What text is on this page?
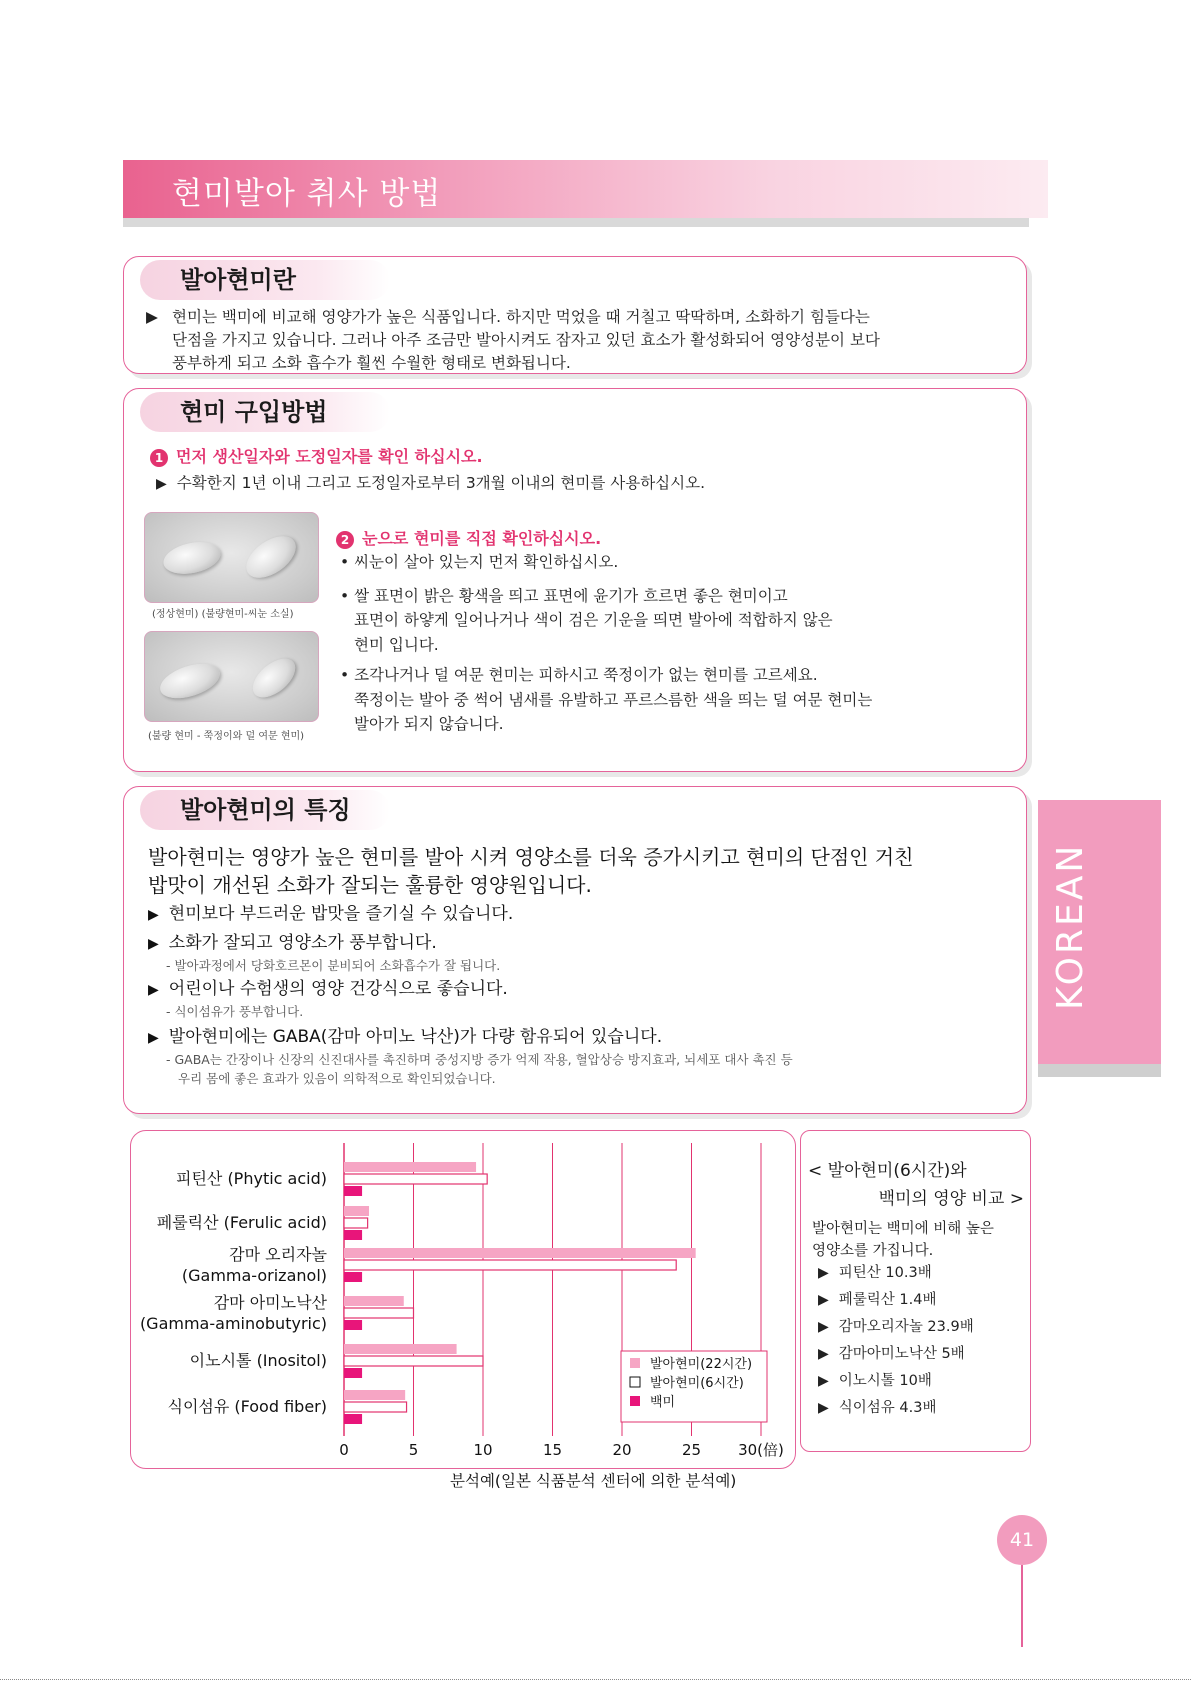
현미발아 취사 방법
발아현미란
▶ 현미는 백미에 비교해 영양가가 높은 식품입니다. 하지만 먹었을 때 거칠고 딱딱하며, 소화하기 힘들다는
단점을 가지고 있습니다. 그러나 아주 조금만 발아시켜도 잠자고 있던 효소가 활성화되어 영양성분이 보다
풍부하게 되고 소화 흡수가 훨씬 수월한 형태로 변화됩니다.
현미 구입방법
1 먼저 생산일자와 도정일자를 확인 하십시오.
▶ 수확한지 1년 이내 그리고 도정일자로부터 3개월 이내의 현미를 사용하십시오.
(정상현미) (불량현미-씨눈 소실)
(불량 현미 - 쭉정이와 덜 여문 현미)
2 눈으로 현미를 직접 확인하십시오.
• 씨눈이 살아 있는지 먼저 확인하십시오.
• 쌀 표면이 밝은 황색을 띄고 표면에 윤기가 흐르면 좋은 현미이고
표면이 하얗게 일어나거나 색이 검은 기운을 띄면 발아에 적합하지 않은
현미 입니다.
• 조각나거나 덜 여문 현미는 피하시고 쭉정이가 없는 현미를 고르세요.
쭉정이는 발아 중 썩어 냄새를 유발하고 푸르스름한 색을 띄는 덜 여문 현미는
발아가 되지 않습니다.
발아현미의 특징
발아현미는 영양가 높은 현미를 발아 시켜 영양소를 더욱 증가시키고 현미의 단점인 거친
밥맛이 개선된 소화가 잘되는 훌륭한 영양원입니다.
▶ 현미보다 부드러운 밥맛을 즐기실 수 있습니다.
▶ 소화가 잘되고 영양소가 풍부합니다.
- 발아과정에서 당화호르몬이 분비되어 소화흡수가 잘 됩니다.
▶ 어린이나 수험생의 영양 건강식으로 좋습니다.
- 식이섬유가 풍부합니다.
▶ 발아현미에는 GABA(감마 아미노 낙산)가 다량 함유되어 있습니다.
- GABA는 간장이나 신장의 신진대사를 촉진하며 중성지방 증가 억제 작용, 혈압상승 방지효과, 뇌세포 대사 촉진 등
우리 몸에 좋은 효과가 있음이 의학적으로 확인되었습니다.
0	5	10	15	20	25 30(倍)
피틴산 (Phytic acid)
페룰릭산 (Ferulic acid)
감마 오리자놀
(Gamma-orizanol)
감마 아미노낙산
(Gamma-aminobutyric)
이노시톨 (Inositol)
식이섬유 (Food fiber)
발아현미(22시간)
발아현미(6시간)
백미
분석예(일본 식품분석 센터에 의한 분석예)
< 발아현미(6시간)와
백미의 영양 비교 >
발아현미는 백미에 비해 높은
영양소를 가집니다.
▶ 피틴산 10.3배
▶ 페룰릭산 1.4배
▶ 감마오리자놀 23.9배
▶ 감마아미노낙산 5배
▶ 이노시톨 10배
▶ 식이섬유 4.3배
KOREAN
41
